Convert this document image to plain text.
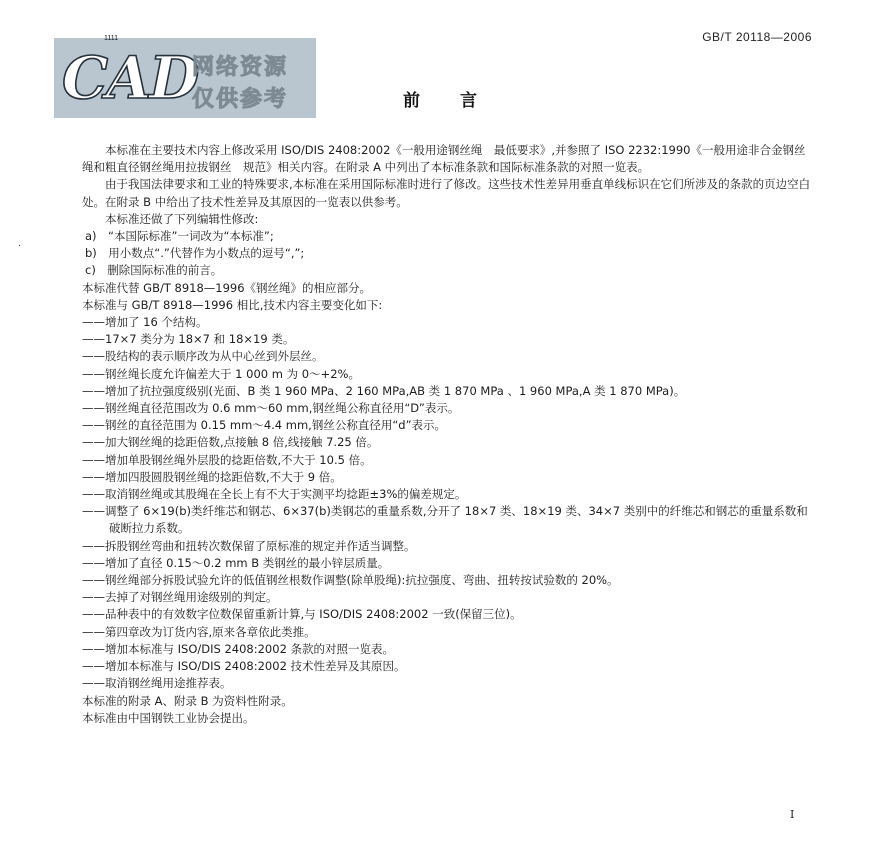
GB/T 20118—2006
1111
CAD
网络资源
仅供参考	前言
.

本标准在主要技术内容上修改采用 ISO/DIS 2408:2002《一般用途钢丝绳　最低要求》,并参照了 ISO 2232:1990《一般用途非合金钢丝绳和粗直径钢丝绳用拉拔钢丝　规范》相关内容。在附录 A 中列出了本标准条款和国际标准条款的对照一览表。

由于我国法律要求和工业的特殊要求,本标准在采用国际标准时进行了修改。这些技术性差异用垂直单线标识在它们所涉及的条款的页边空白处。在附录 B 中给出了技术性差异及其原因的一览表以供参考。

本标准还做了下列编辑性修改:

a)　“本国际标准”一词改为“本标准”;

b)　用小数点“.”代替作为小数点的逗号“,”;

c)　删除国际标准的前言。

本标准代替 GB/T 8918—1996《钢丝绳》的相应部分。

本标准与 GB/T 8918—1996 相比,技术内容主要变化如下:

——增加了 16 个结构。

——17×7 类分为 18×7 和 18×19 类。

——股结构的表示顺序改为从中心丝到外层丝。

——钢丝绳长度允许偏差大于 1 000 m 为 0～+2%。

——增加了抗拉强度级别(光面、B 类 1 960 MPa、2 160 MPa,AB 类 1 870 MPa 、1 960 MPa,A 类 1 870 MPa)。

——钢丝绳直径范围改为 0.6 mm～60 mm,钢丝绳公称直径用“D”表示。

——钢丝的直径范围为 0.15 mm～4.4 mm,钢丝公称直径用“d”表示。

——加大钢丝绳的捻距倍数,点接触 8 倍,线接触 7.25 倍。

——增加单股钢丝绳外层股的捻距倍数,不大于 10.5 倍。

——增加四股圆股钢丝绳的捻距倍数,不大于 9 倍。

——取消钢丝绳或其股绳在全长上有不大于实测平均捻距±3%的偏差规定。

——调整了 6×19(b)类纤维芯和钢芯、6×37(b)类钢芯的重量系数,分开了 18×7 类、18×19 类、34×7 类别中的纤维芯和钢芯的重量系数和破断拉力系数。

——拆股钢丝弯曲和扭转次数保留了原标准的规定并作适当调整。

——增加了直径 0.15～0.2 mm B 类钢丝的最小锌层质量。

——钢丝绳部分拆股试验允许的低值钢丝根数作调整(除单股绳):抗拉强度、弯曲、扭转按试验数的 20%。

——去掉了对钢丝绳用途级别的判定。

——品种表中的有效数字位数保留重新计算,与 ISO/DIS 2408:2002 一致(保留三位)。

——第四章改为订货内容,原来各章依此类推。

——增加本标准与 ISO/DIS 2408:2002 条款的对照一览表。

——增加本标准与 ISO/DIS 2408:2002 技术性差异及其原因。

——取消钢丝绳用途推荐表。

本标准的附录 A、附录 B 为资料性附录。

本标准由中国钢铁工业协会提出。

I
